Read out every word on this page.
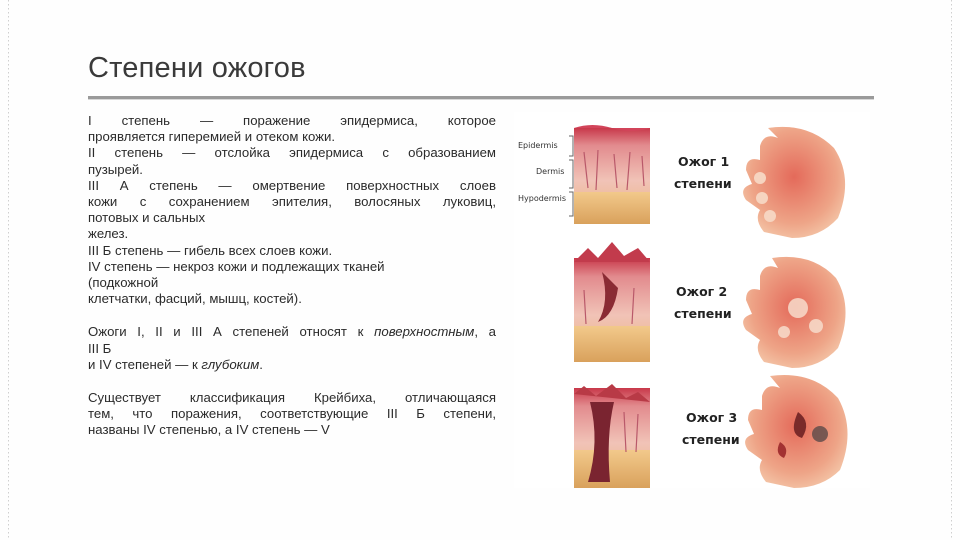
Степени ожогов

I степень — поражение эпидермиса, которое

проявляется гиперемией и отеком кожи.

II степень — отслойка эпидермиса с образованием

пузырей.

III А степень — омертвение поверхностных слоев

кожи с сохранением эпителия, волосяных луковиц,

потовых и сальных

желез.

III Б степень — гибель всех слоев кожи.

IV степень — некроз кожи и подлежащих тканей

(подкожной

клетчатки, фасций, мышц, костей).

Ожоги I, II и III А степеней относят к поверхностным, а

III Б

и IV степеней — к глубоким.

Существует классификация Крейбиха, отличающаяся

тем, что поражения, соответствующие III Б степени,

названы IV степенью, а IV степень — V

Epidermis
Dermis
Hypodermis
Ожог 1
степени
Ожог 2
степени
Ожог 3
степени
